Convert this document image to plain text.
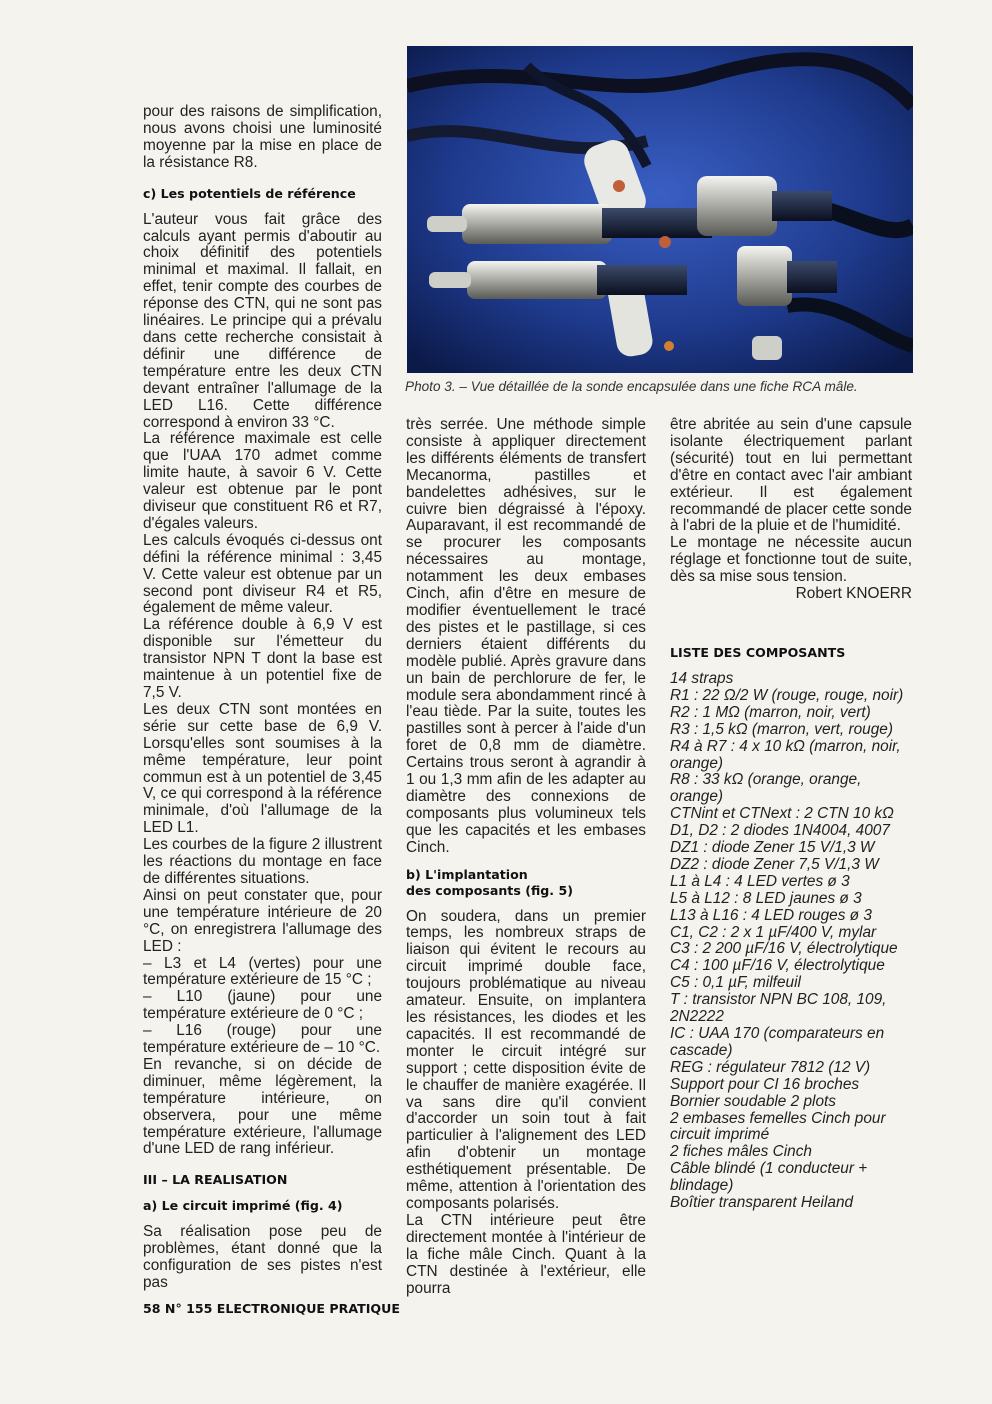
pour des raisons de simplification, nous avons choisi une luminosité moyenne par la mise en place de la résistance R8.

c) Les potentiels de référence

L'auteur vous fait grâce des calculs ayant permis d'aboutir au choix définitif des potentiels minimal et maximal. Il fallait, en effet, tenir compte des courbes de réponse des CTN, qui ne sont pas linéaires. Le principe qui a prévalu dans cette recherche consistait à définir une différence de température entre les deux CTN devant entraîner l'allumage de la LED L16. Cette différence correspond à environ 33 °C.

La référence maximale est celle que l'UAA 170 admet comme limite haute, à savoir 6 V. Cette valeur est obtenue par le pont diviseur que constituent R6 et R7, d'égales valeurs.

Les calculs évoqués ci-dessus ont défini la référence minimal : 3,45 V. Cette valeur est obtenue par un second pont diviseur R4 et R5, également de même valeur.

La référence double à 6,9 V est disponible sur l'émetteur du transistor NPN T dont la base est maintenue à un potentiel fixe de 7,5 V.

Les deux CTN sont montées en série sur cette base de 6,9 V. Lorsqu'elles sont soumises à la même température, leur point commun est à un potentiel de 3,45 V, ce qui correspond à la référence minimale, d'où l'allumage de la LED L1.

Les courbes de la figure 2 illustrent les réactions du montage en face de différentes situations.

Ainsi on peut constater que, pour une température intérieure de 20 °C, on enregistrera l'allumage des LED :

– L3 et L4 (vertes) pour une température extérieure de 15 °C ;

– L10 (jaune) pour une température extérieure de 0 °C ;

– L16 (rouge) pour une température extérieure de – 10 °C.

En revanche, si on décide de diminuer, même légèrement, la température intérieure, on observera, pour une même température extérieure, l'allumage d'une LED de rang inférieur.

III – LA REALISATION
a) Le circuit imprimé (fig. 4)

Sa réalisation pose peu de problèmes, étant donné que la configuration de ses pistes n'est pas

Photo 3. – Vue détaillée de la sonde encapsulée dans une fiche RCA mâle.

très serrée. Une méthode simple consiste à appliquer directement les différents éléments de transfert Mecanorma, pastilles et bandelettes adhésives, sur le cuivre bien dégraissé à l'époxy. Auparavant, il est recommandé de se procurer les composants nécessaires au montage, notamment les deux embases Cinch, afin d'être en mesure de modifier éventuellement le tracé des pistes et le pastillage, si ces derniers étaient différents du modèle publié. Après gravure dans un bain de perchlorure de fer, le module sera abondamment rincé à l'eau tiède. Par la suite, toutes les pastilles sont à percer à l'aide d'un foret de 0,8 mm de diamètre. Certains trous seront à agrandir à 1 ou 1,3 mm afin de les adapter au diamètre des connexions de composants plus volumineux tels que les capacités et les embases Cinch.

b) L'implantation
des composants (fig. 5)

On soudera, dans un premier temps, les nombreux straps de liaison qui évitent le recours au circuit imprimé double face, toujours problématique au niveau amateur. Ensuite, on implantera les résistances, les diodes et les capacités. Il est recommandé de monter le circuit intégré sur support ; cette disposition évite de le chauffer de manière exagérée. Il va sans dire qu'il convient d'accorder un soin tout à fait particulier à l'alignement des LED afin d'obtenir un montage esthétiquement présentable. De même, attention à l'orientation des composants polarisés.

La CTN intérieure peut être directement montée à l'intérieur de la fiche mâle Cinch. Quant à la CTN destinée à l'extérieur, elle pourra

être abritée au sein d'une capsule isolante électriquement parlant (sécurité) tout en lui permettant d'être en contact avec l'air ambiant extérieur. Il est également recommandé de placer cette sonde à l'abri de la pluie et de l'humidité.

Le montage ne nécessite aucun réglage et fonctionne tout de suite, dès sa mise sous tension.

Robert KNOERR

LISTE DES COMPOSANTS

14 straps

R1 : 22 Ω/2 W (rouge, rouge, noir)

R2 : 1 MΩ (marron, noir, vert)

R3 : 1,5 kΩ (marron, vert, rouge)

R4 à R7 : 4 x 10 kΩ (marron, noir, orange)

R8 : 33 kΩ (orange, orange, orange)

CTNint et CTNext : 2 CTN 10 kΩ

D1, D2 : 2 diodes 1N4004, 4007

DZ1 : diode Zener 15 V/1,3 W

DZ2 : diode Zener 7,5 V/1,3 W

L1 à L4 : 4 LED vertes ø 3

L5 à L12 : 8 LED jaunes ø 3

L13 à L16 : 4 LED rouges ø 3

C1, C2 : 2 x 1 µF/400 V, mylar

C3 : 2 200 µF/16 V, électrolytique

C4 : 100 µF/16 V, électrolytique

C5 : 0,1 µF, milfeuil

T : transistor NPN BC 108, 109, 2N2222

IC : UAA 170 (comparateurs en cascade)

REG : régulateur 7812 (12 V)

Support pour CI 16 broches

Bornier soudable 2 plots

2 embases femelles Cinch pour circuit imprimé

2 fiches mâles Cinch

Câble blindé (1 conducteur + blindage)

Boîtier transparent Heiland

58 N° 155 ELECTRONIQUE PRATIQUE
